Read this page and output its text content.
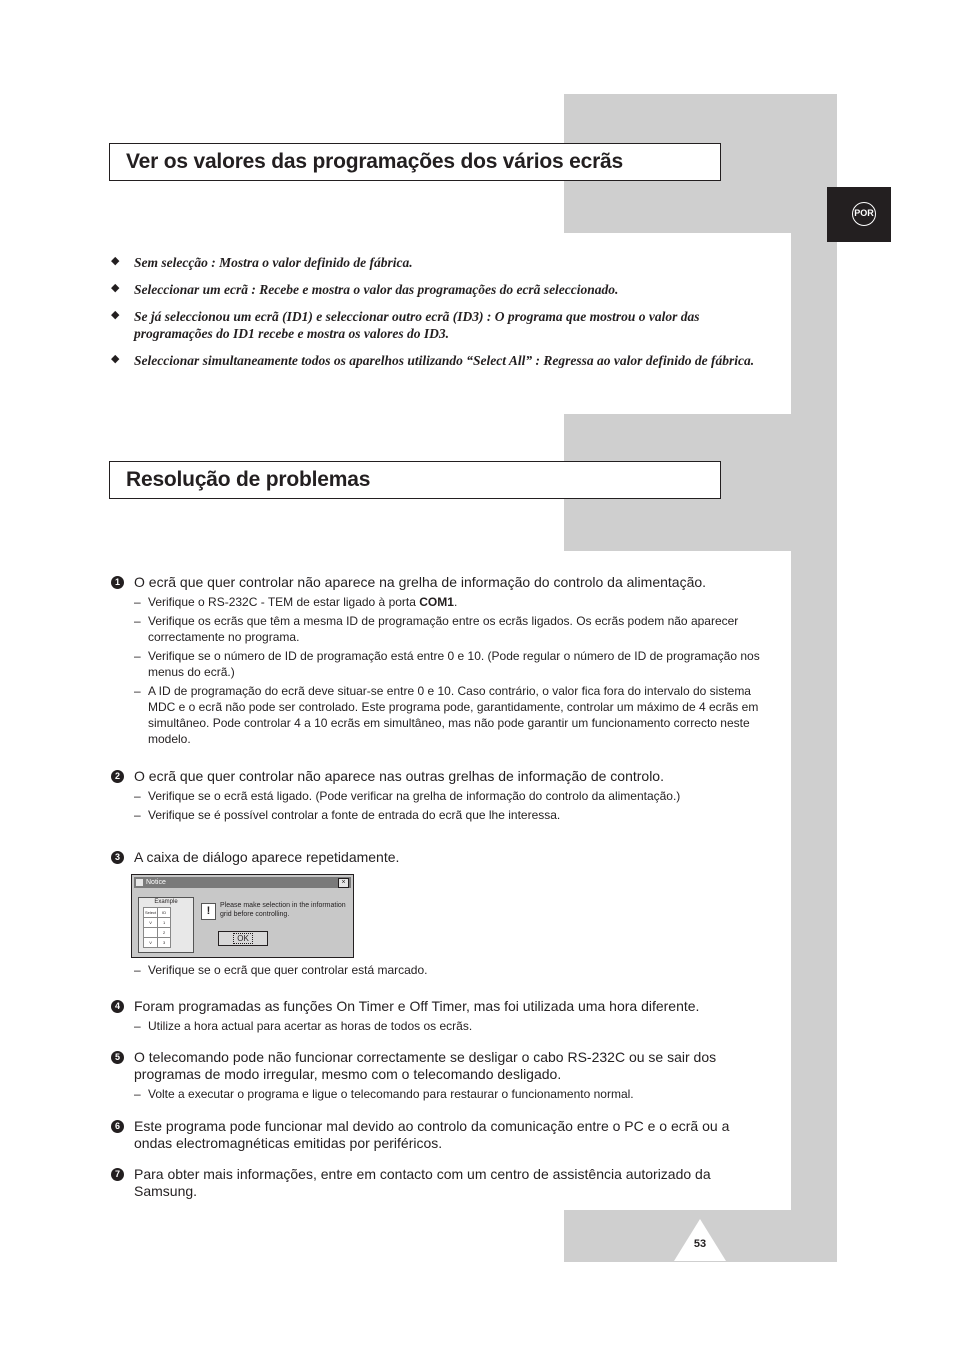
POR
Ver os valores das programações dos vários ecrãs
◆ Sem selecção : Mostra o valor definido de fábrica.
◆ Seleccionar um ecrã : Recebe e mostra o valor das programações do ecrã seleccionado.
◆ Se já seleccionou um ecrã (ID1) e seleccionar outro ecrã (ID3) : O programa que mostrou o valor das programações do ID1 recebe e mostra os valores do ID3.
◆ Seleccionar simultaneamente todos os aparelhos utilizando “Select All” : Regressa ao valor definido de fábrica.
Resolução de problemas
1 O ecrã que quer controlar não aparece na grelha de informação do controlo da alimentação.
– Verifique o RS-232C - TEM de estar ligado à porta COM1.
– Verifique os ecrãs que têm a mesma ID de programação entre os ecrãs ligados. Os ecrãs podem não aparecer correctamente no programa.
– Verifique se o número de ID de programação está entre 0 e 10. (Pode regular o número de ID de programação nos menus do ecrã.)
– A ID de programação do ecrã deve situar-se entre 0 e 10. Caso contrário, o valor fica fora do intervalo do sistema MDC e o ecrã não pode ser controlado. Este programa pode, garantidamente, controlar um máximo de 4 ecrãs em simultâneo. Pode controlar 4 a 10 ecrãs em simultâneo, mas não pode garantir um funcionamento correcto neste modelo.
2 O ecrã que quer controlar não aparece nas outras grelhas de informação de controlo.
– Verifique se o ecrã está ligado. (Pode verificar na grelha de informação do controlo da alimentação.)
– Verifique se é possível controlar a fonte de entrada do ecrã que lhe interessa.
3 A caixa de diálogo aparece repetidamente.
Notice	×
Example
Select	ID
V	1
	2
V	3
!	Please make selection in the information grid before controlling.
OK
– Verifique se o ecrã que quer controlar está marcado.
4 Foram programadas as funções On Timer e Off Timer, mas foi utilizada uma hora diferente.
– Utilize a hora actual para acertar as horas de todos os ecrãs.
5 O telecomando pode não funcionar correctamente se desligar o cabo RS-232C ou se sair dos programas de modo irregular, mesmo com o telecomando desligado.
– Volte a executar o programa e ligue o telecomando para restaurar o funcionamento normal.
6 Este programa pode funcionar mal devido ao controlo da comunicação entre o PC e o ecrã ou a ondas electromagnéticas emitidas por periféricos.
7 Para obter mais informações, entre em contacto com um centro de assistência autorizado da Samsung.
53
